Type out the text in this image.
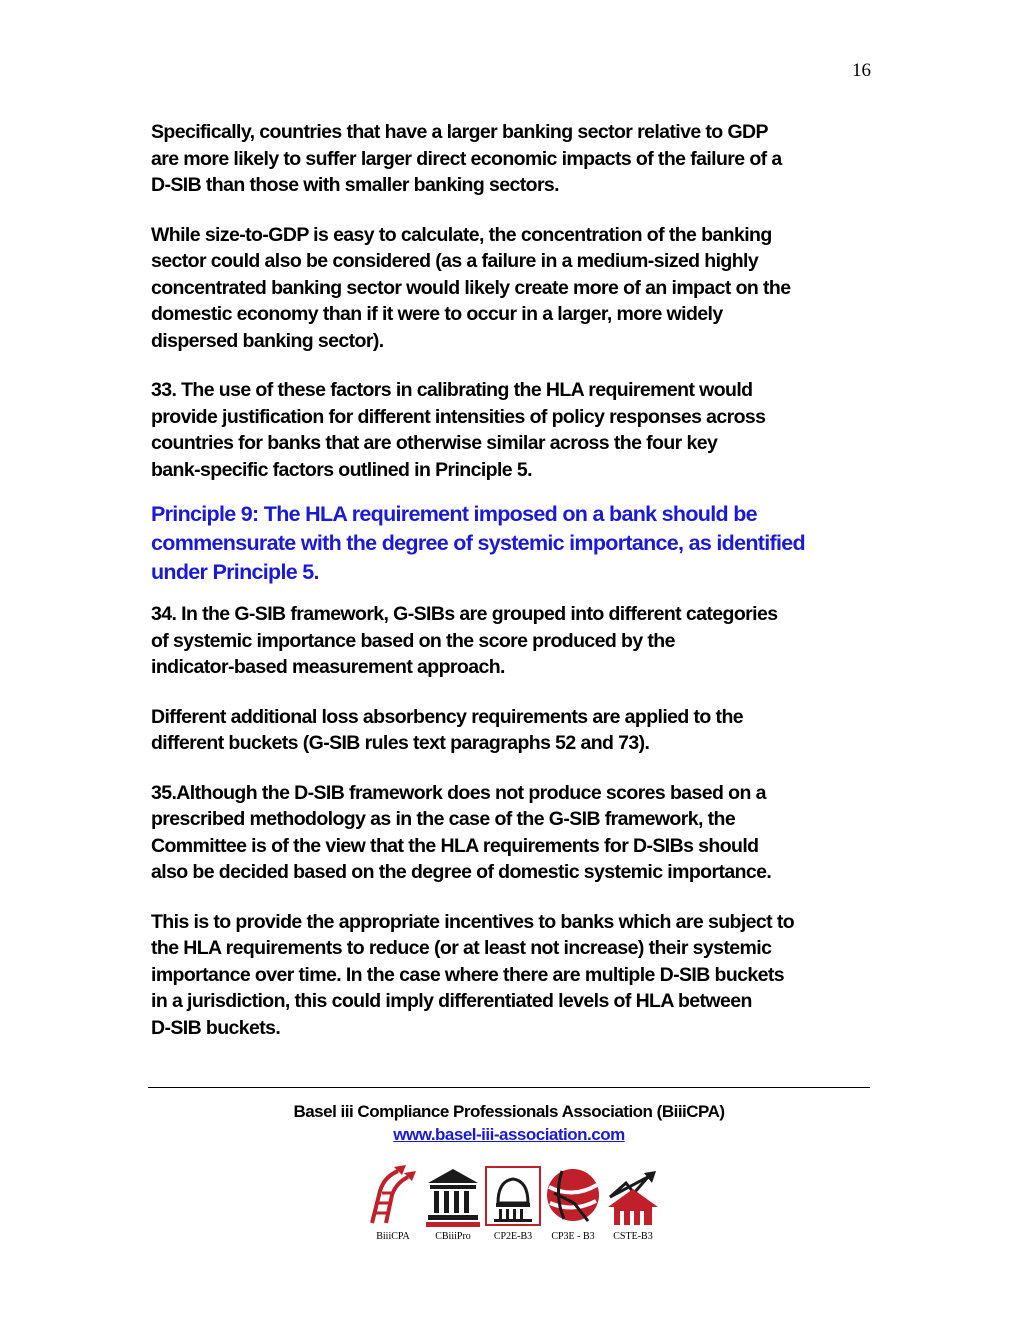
16

Specifically, countries that have a larger banking sector relative to GDP
are more likely to suffer larger direct economic impacts of the failure of a
D-SIB than those with smaller banking sectors.

While size-to-GDP is easy to calculate, the concentration of the banking
sector could also be considered (as a failure in a medium-sized highly
concentrated banking sector would likely create more of an impact on the
domestic economy than if it were to occur in a larger, more widely
dispersed banking sector).

33. The use of these factors in calibrating the HLA requirement would
provide justification for different intensities of policy responses across
countries for banks that are otherwise similar across the four key
bank-specific factors outlined in Principle 5.

Principle 9: The HLA requirement imposed on a bank should be
commensurate with the degree of systemic importance, as identified
under Principle 5.

34. In the G-SIB framework, G-SIBs are grouped into different categories
of systemic importance based on the score produced by the
indicator-based measurement approach.

Different additional loss absorbency requirements are applied to the
different buckets (G-SIB rules text paragraphs 52 and 73).

35.Although the D-SIB framework does not produce scores based on a
prescribed methodology as in the case of the G-SIB framework, the
Committee is of the view that the HLA requirements for D-SIBs should
also be decided based on the degree of domestic systemic importance.

This is to provide the appropriate incentives to banks which are subject to
the HLA requirements to reduce (or at least not increase) their systemic
importance over time. In the case where there are multiple D-SIB buckets
in a jurisdiction, this could imply differentiated levels of HLA between
D-SIB buckets.

Basel iii Compliance Professionals Association (BiiiCPA)
www.basel-iii-association.com
BiiiCPA	CBiiiPro	CP2E-B3	CP3E - B3	CSTE-B3
